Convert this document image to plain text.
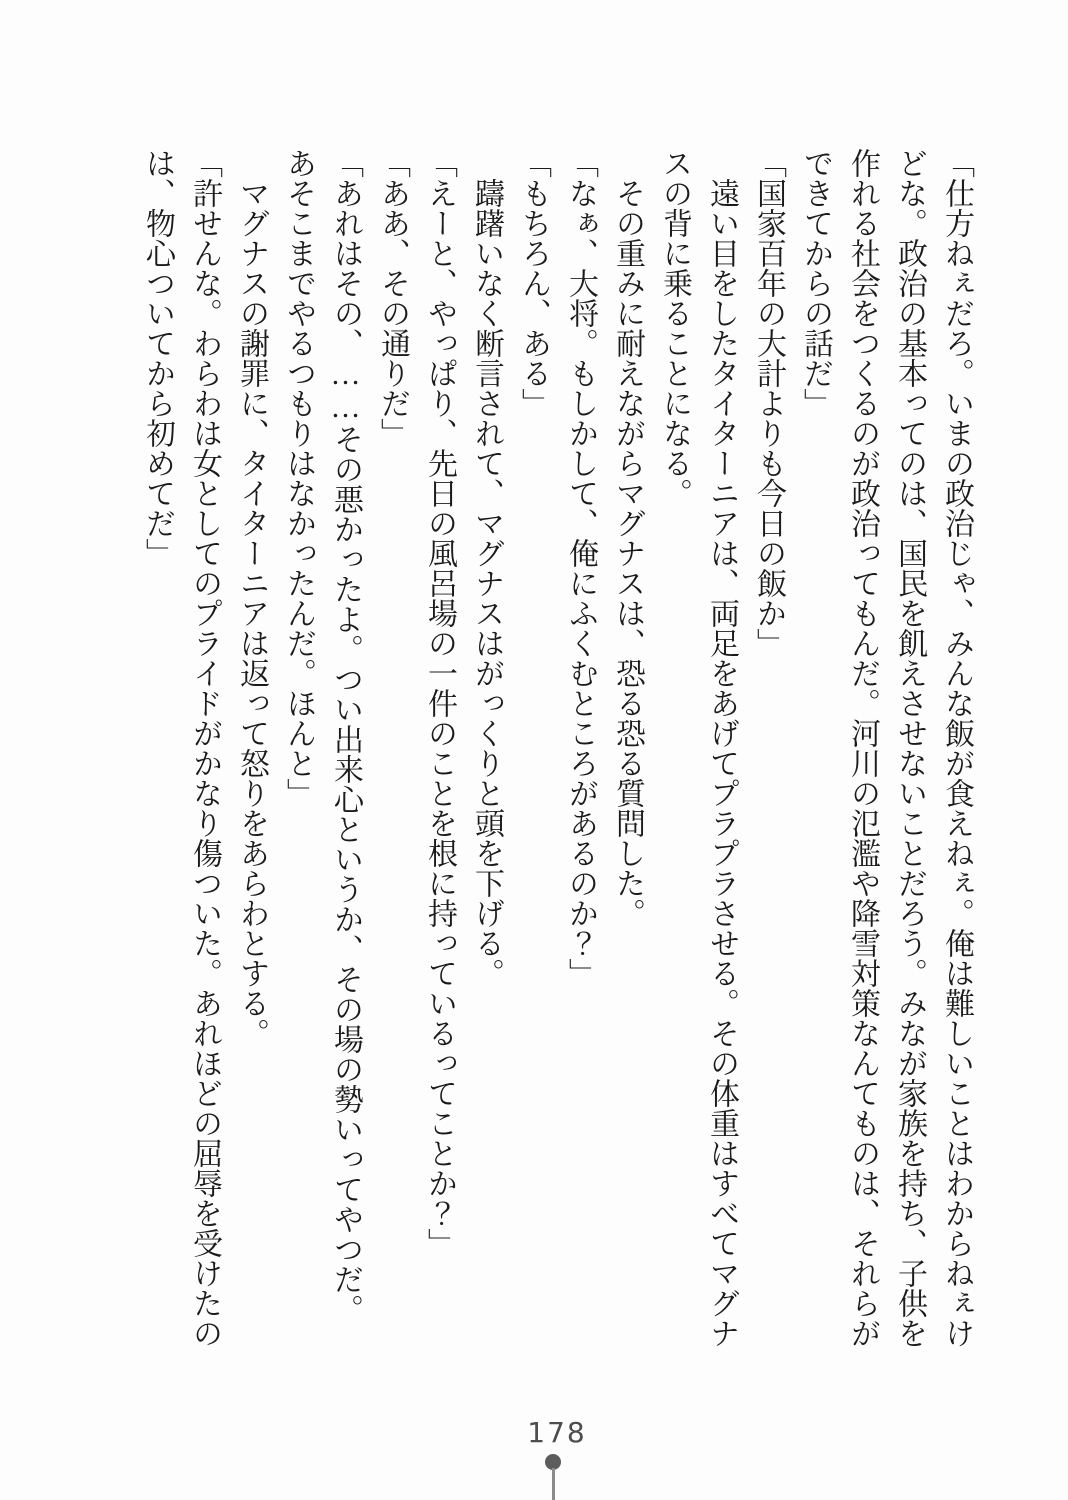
「仕方ねぇだろ。いまの政治じゃ、みんな飯が食えねぇ。俺は難しいことはわからねぇけどな。政治の基本ってのは、国民を飢えさせないことだろう。みなが家族を持ち、子供を作れる社会をつくるのが政治ってもんだ。河川の氾濫や降雪対策なんてものは、それらができてからの話だ」

「国家百年の大計よりも今日の飯か」

遠い目をしたタイターニアは、両足をあげてプラプラさせる。その体重はすべてマグナスの背に乗ることになる。

その重みに耐えながらマグナスは、恐る恐る質問した。

「なぁ、大将。もしかして、俺にふくむところがあるのか？」

「もちろん、ある」

躊躇いなく断言されて、マグナスはがっくりと頭を下げる。

「えーと、やっぱり、先日の風呂場の一件のことを根に持っているってことか？」

「ああ、その通りだ」

「あれはその、……その悪かったよ。つい出来心というか、その場の勢いってやつだ。あそこまでやるつもりはなかったんだ。ほんと」

マグナスの謝罪に、タイターニアは返って怒りをあらわとする。

「許せんな。わらわは女としてのプライドがかなり傷ついた。あれほどの屈辱を受けたのは、物心ついてから初めてだ」

178
